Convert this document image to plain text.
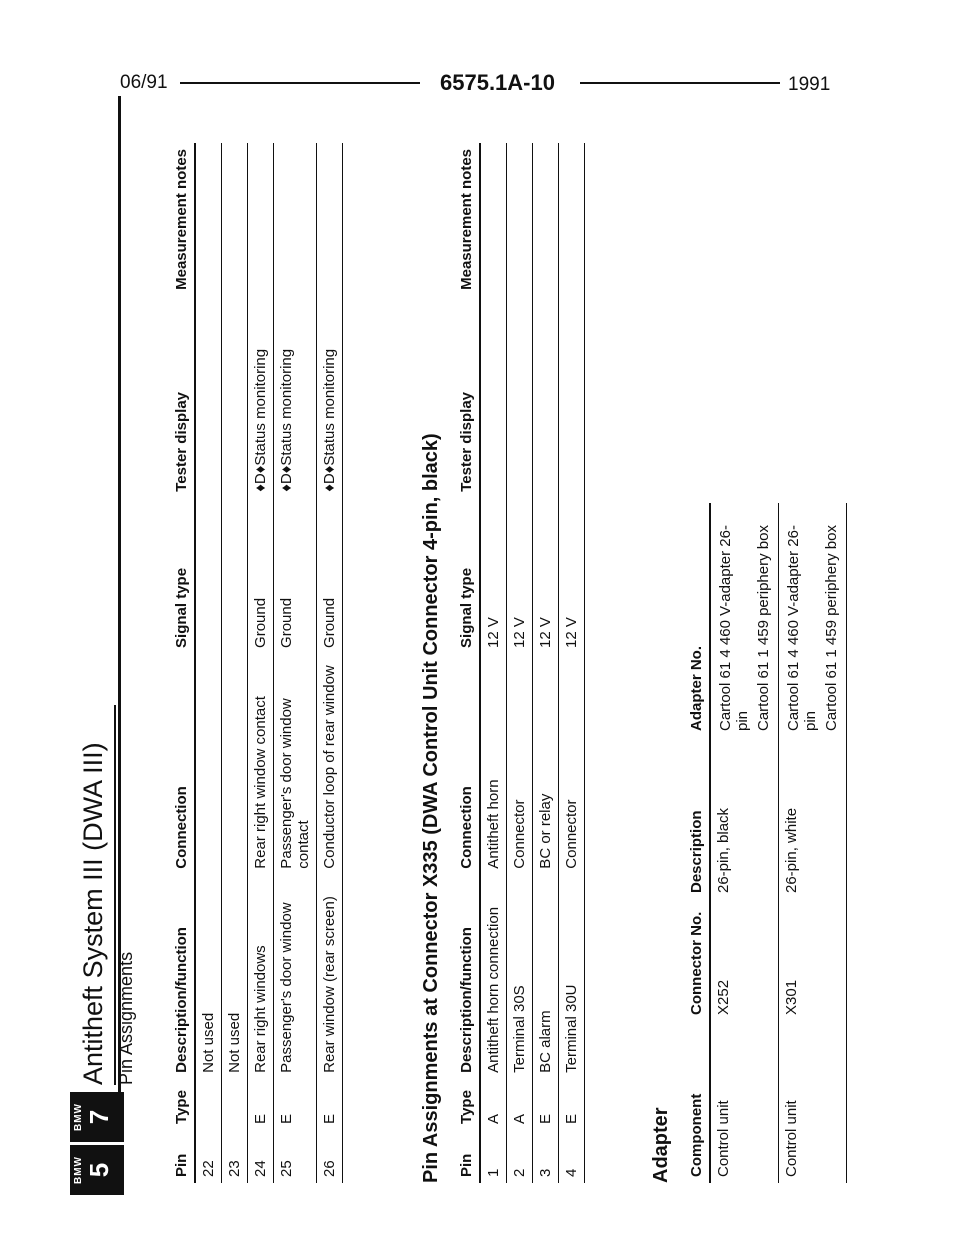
06/91	6575.1A-10	1991
BMW 5
BMW 7
Antitheft System III (DWA III) Pin Assignments
Pin	Type	Description/function	Connection	Signal type	Tester display	Measurement notes
22		Not used				
23		Not used				
24	E	Rear right windows	Rear right window contact	Ground	♦D♦Status monitoring	
25	E	Passenger's door window	Passenger's door window contact	Ground	♦D♦Status monitoring	
26	E	Rear window (rear screen)	Conductor loop of rear window	Ground	♦D♦Status monitoring	
Pin Assignments at Connector X335 (DWA Control Unit Connector 4-pin, black) Pin	Type	Description/function	Connection	Signal type	Tester display	Measurement notes
1	A	Antitheft horn connection	Antitheft horn	12 V		
2	A	Terminal 30S	Connector	12 V		
3	E	BC alarm	BC or relay	12 V		
4	E	Terminal 30U	Connector	12 V		
Adapter Component	Connector No.	Description	Adapter No.
Control unit	X252	26-pin, black	Cartool 61 4 460 V-adapter 26-pin Cartool 61 1 459 periphery box

Control unit	X301	26-pin, white	Cartool 61 4 460 V-adapter 26-pin Cartool 61 1 459 periphery box
